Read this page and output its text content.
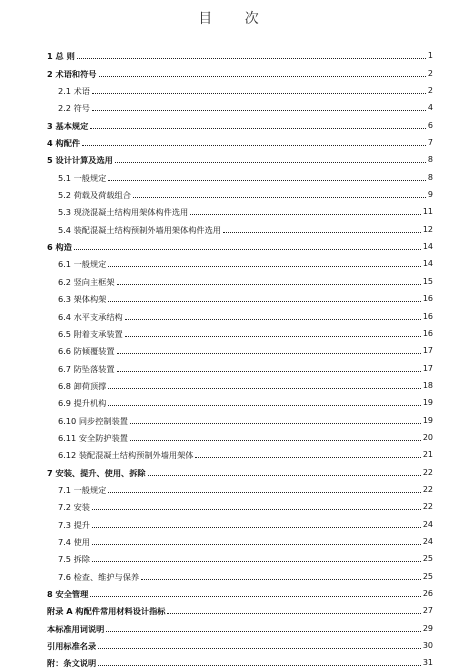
目 次
1 总 则	1
2 术语和符号	2
2.1 术语	2
2.2 符号	4
3 基本规定	6
4 构配件	7
5 设计计算及选用	8
5.1 一般规定	8
5.2 荷载及荷载组合	9
5.3 现浇混凝土结构用架体构件选用	11
5.4 装配混凝土结构预制外墙用架体构件选用	12
6 构造	14
6.1 一般规定	14
6.2 竖向主框架	15
6.3 架体构架	16
6.4 水平支承结构	16
6.5 附着支承装置	16
6.6 防倾覆装置	17
6.7 防坠落装置	17
6.8 卸荷顶撑	18
6.9 提升机构	19
6.10 同步控制装置	19
6.11 安全防护装置	20
6.12 装配混凝土结构预制外墙用架体	21
7 安装、提升、使用、拆除	22
7.1 一般规定	22
7.2 安装	22
7.3 提升	24
7.4 使用	24
7.5 拆除	25
7.6 检查、维护与保养	25
8 安全管理	26
附录 A 构配件常用材料设计指标	27
本标准用词说明	29
引用标准名录	30
附：条文说明	31
